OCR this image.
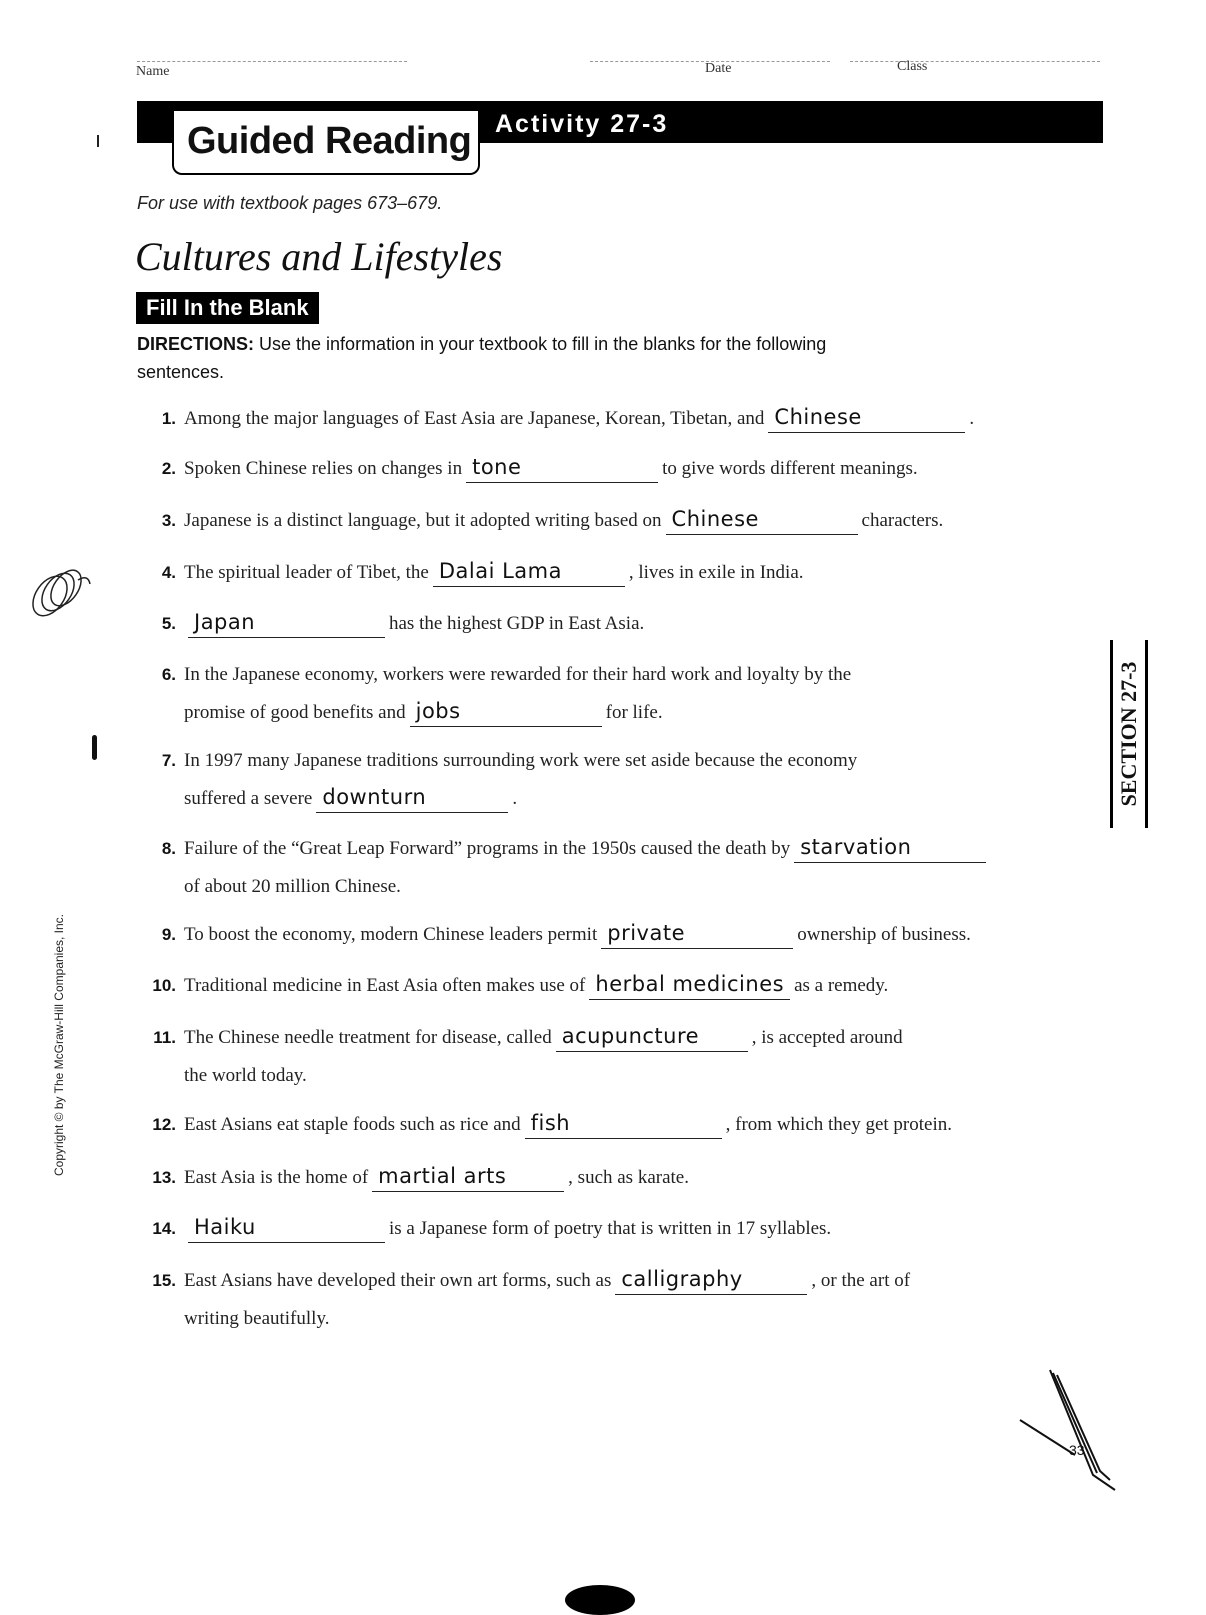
Name	Date	Class
Guided Reading Activity 27-3
For use with textbook pages 673–679.
Cultures and Lifestyles
Fill In the Blank
DIRECTIONS: Use the information in your textbook to fill in the blanks for the following sentences.
1. Among the major languages of East Asia are Japanese, Korean, Tibetan, and Chinese	.
2. Spoken Chinese relies on changes in tone	to give words different meanings.
3. Japanese is a distinct language, but it adopted writing based on Chinese	characters.
4. The spiritual leader of Tibet, the Dalai Lama	, lives in exile in India.
5. Japan	has the highest GDP in East Asia.
6. In the Japanese economy, workers were rewarded for their hard work and loyalty by the
promise of good benefits and jobs	for life.
7. In 1997 many Japanese traditions surrounding work were set aside because the economy
suffered a severe downturn	.
8. Failure of the “Great Leap Forward” programs in the 1950s caused the death by starvation
of about 20 million Chinese.
9. To boost the economy, modern Chinese leaders permit private	ownership of business.
10. Traditional medicine in East Asia often makes use of herbal medicines as a remedy.
11. The Chinese needle treatment for disease, called acupuncture	, is accepted around
the world today.
12. East Asians eat staple foods such as rice and fish	, from which they get protein.
13. East Asia is the home of martial arts	, such as karate.
14. Haiku	is a Japanese form of poetry that is written in 17 syllables.
15. East Asians have developed their own art forms, such as calligraphy	, or the art of
writing beautifully.
SECTION 27-3
Copyright © by The McGraw-Hill Companies, Inc.
33
